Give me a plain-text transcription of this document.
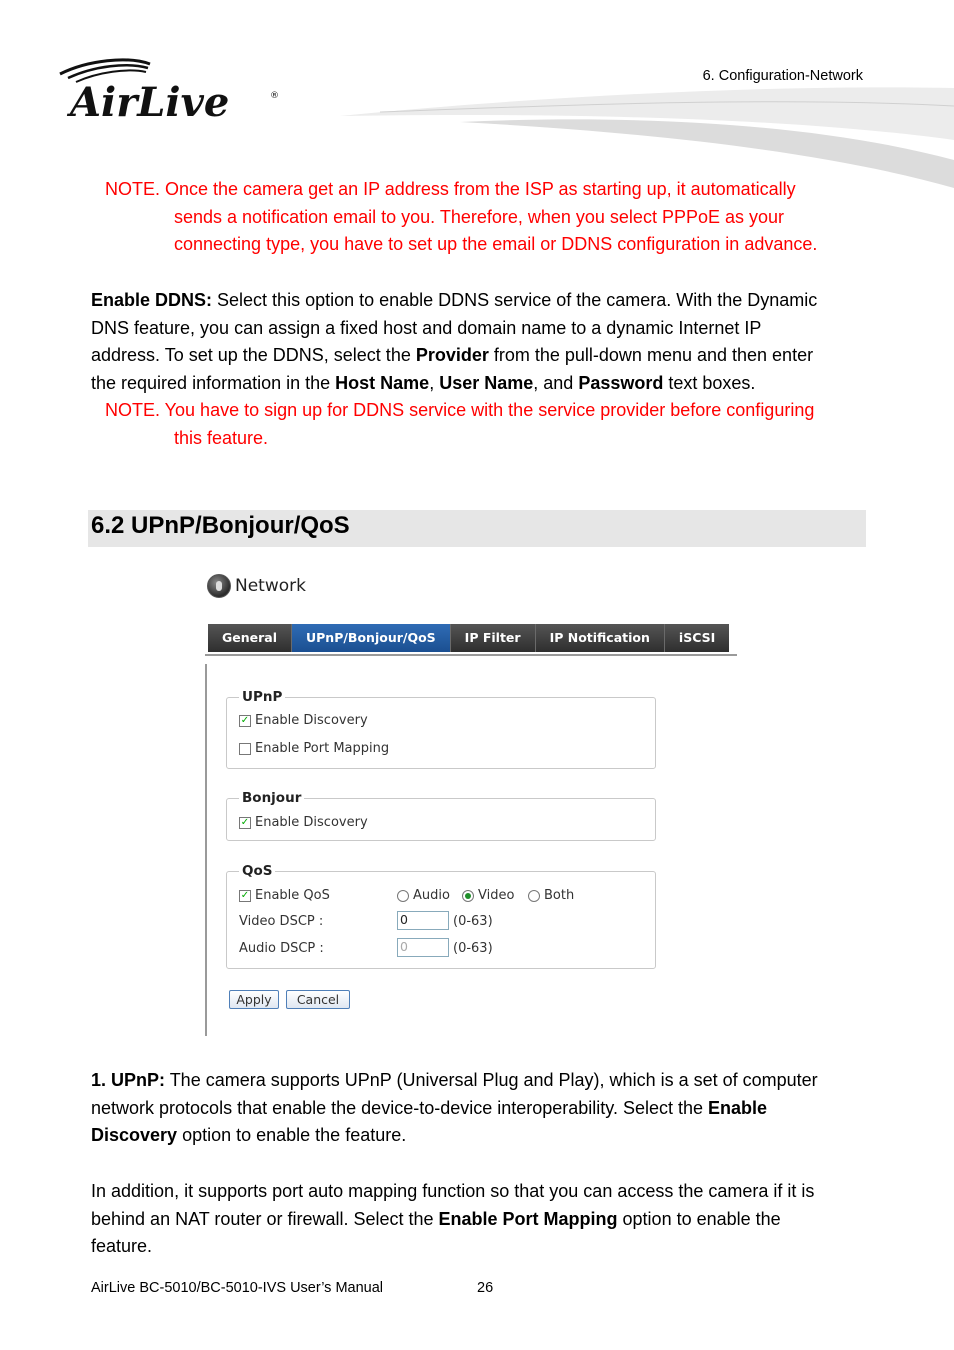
AirLive	®
6. Configuration-Network
NOTE. Once the camera get an IP address from the ISP as starting up, it automatically
sends a notification email to you. Therefore, when you select PPPoE as your
connecting type, you have to set up the email or DDNS configuration in advance.
Enable DDNS: Select this option to enable DDNS service of the camera. With the Dynamic
DNS feature, you can assign a fixed host and domain name to a dynamic Internet IP
address. To set up the DDNS, select the Provider from the pull-down menu and then enter
the required information in the Host Name, User Name, and Password text boxes.
NOTE. You have to sign up for DDNS service with the service provider before configuring
this feature.
6.2 UPnP/Bonjour/QoS
Network
General	UPnP/Bonjour/QoS	IP Filter	IP Notification	iSCSI
UPnP
✓ Enable Discovery
Enable Port Mapping
Bonjour
✓ Enable Discovery
QoS
✓ Enable QoS	Audio Video Both
Video DSCP :	0	(0-63)
Audio DSCP :	0	(0-63)
Apply	Cancel
1. UPnP: The camera supports UPnP (Universal Plug and Play), which is a set of computer
network protocols that enable the device-to-device interoperability. Select the Enable
Discovery option to enable the feature.
In addition, it supports port auto mapping function so that you can access the camera if it is
behind an NAT router or firewall. Select the Enable Port Mapping option to enable the
feature.
AirLive BC-5010/BC-5010-IVS User’s Manual	26
